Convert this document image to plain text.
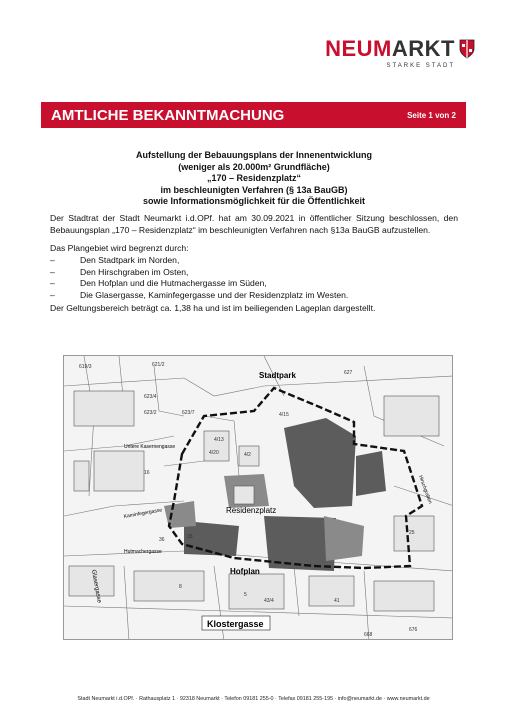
NEUMARKT
STARKE STADT
AMTLICHE BEKANNTMACHUNG	Seite 1 von 2
Aufstellung der Bebauungsplans der Innenentwicklung
(weniger als 20.000m² Grundfläche)
„170 – Residenzplatz“
im beschleunigten Verfahren (§ 13a BauGB)
sowie Informationsmöglichkeit für die Öffentlichkeit
Der Stadtrat der Stadt Neumarkt i.d.OPf. hat am 30.09.2021 in öffentlicher Sitzung beschlossen, den Bebauungsplan „170 – Residenzplatz“ im beschleunigten Verfahren nach §13a BauGB aufzustellen.
Das Plangebiet wird begrenzt durch:
–	Den Stadtpark im Norden,
–	Den Hirschgraben im Osten,
–	Den Hofplan und die Hutmachergasse im Süden,
–	Die Glasergasse, Kaminfegergasse und der Residenzplatz im Westen.
Der Geltungsbereich beträgt ca. 1,38 ha und ist im beiliegenden Lageplan dargestellt.
Stadtpark
Residenzplatz
Hofplan
Klostergasse
Glasergasse
Hutmachergasse
Kaminfegergasse
Untere Kasernengasse
Hirschgraben
619/3	621/2
627
623/4
4/15
623/2	623/7
4/13
4/2
4/20
16
35
25
36
8
5
43/4	41
676
668
Stadt Neumarkt i.d.OPf. · Rathausplatz 1 · 92318 Neumarkt · Telefon 09181 255-0 · Telefax 09181 255-195 · info@neumarkt.de · www.neumarkt.de
